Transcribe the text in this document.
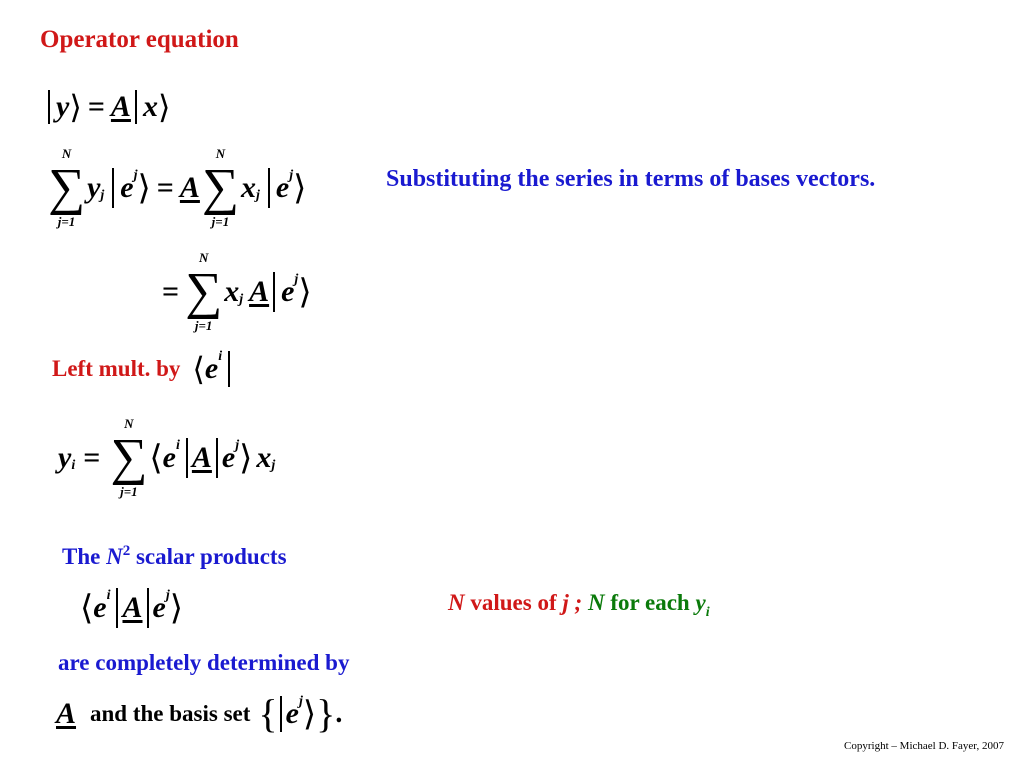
Operator equation
y ⟩ = A x ⟩
N
∑
j=1
y j e j ⟩ = A
N
∑
j=1
x j e j ⟩	Substituting the series in terms of bases vectors.
=
N
∑
j=1
x j A e j ⟩
Left mult. by ⟨ e i
y i =
N
∑
j=1
⟨ e i A e j ⟩ x j
The $N^2$ scalar products
⟨ e i A e j ⟩	N values of j ; N for each $y_i$
are completely determined by
A and the basis set { e j ⟩ } .
Copyright – Michael D. Fayer, 2007
